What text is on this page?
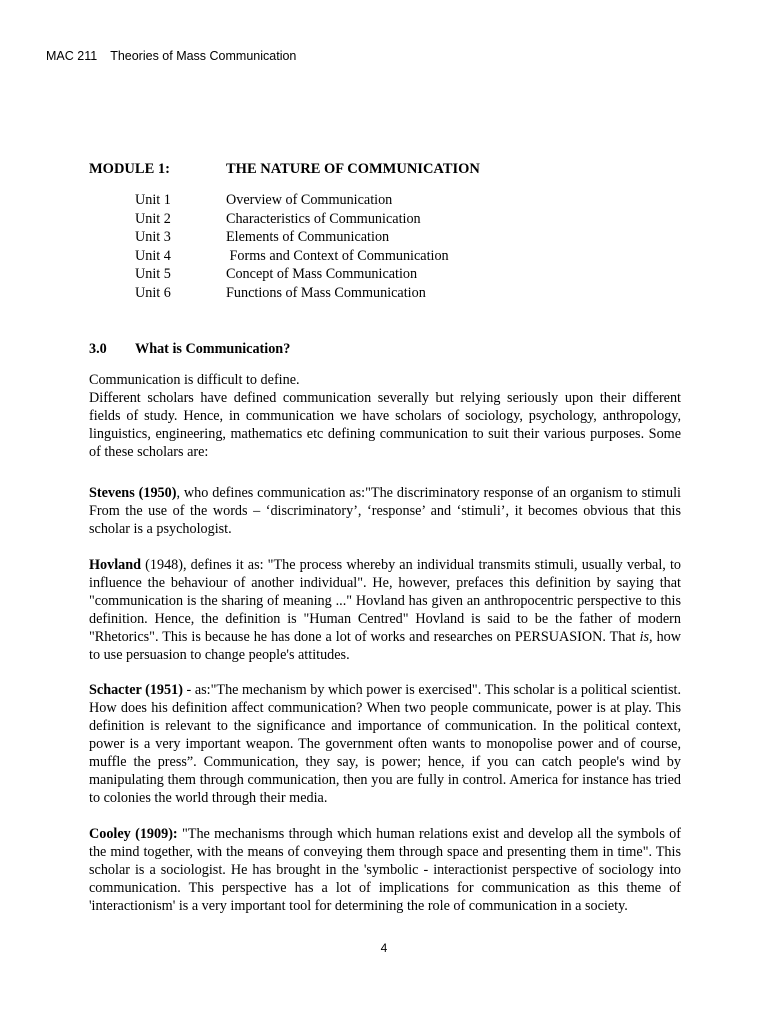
MAC 211 Theories of Mass Communication
MODULE 1:	THE NATURE OF COMMUNICATION
Unit 1	Overview of Communication
Unit 2	Characteristics of Communication
Unit 3	Elements of Communication
Unit 4	Forms and Context of Communication
Unit 5	Concept of Mass Communication
Unit 6	Functions of Mass Communication
3.0 What is Communication?

Communication is difficult to define.

Different scholars have defined communication severally but relying seriously upon their different fields of study. Hence, in communication we have scholars of sociology, psychology, anthropology, linguistics, engineering, mathematics etc defining communication to suit their various purposes. Some of these scholars are:

Stevens (1950), who defines communication as:"The discriminatory response of an organism to stimuli From the use of the words – ‘discriminatory’, ‘response’ and ‘stimuli’, it becomes obvious that this scholar is a psychologist.

Hovland (1948), defines it as: "The process whereby an individual transmits stimuli, usually verbal, to influence the behaviour of another individual". He, however, prefaces this definition by saying that "communication is the sharing of meaning ..." Hovland has given an anthropocentric perspective to this definition. Hence, the definition is "Human Centred" Hovland is said to be the father of modern "Rhetorics". This is because he has done a lot of works and researches on PERSUASION. That is, how to use persuasion to change people's attitudes.

Schacter (1951) - as:"The mechanism by which power is exercised". This scholar is a political scientist. How does his definition affect communication? When two people communicate, power is at play. This definition is relevant to the significance and importance of communication. In the political context, power is a very important weapon. The government often wants to monopolise power and of course, muffle the press”. Communication, they say, is power; hence, if you can catch people's wind by manipulating them through communication, then you are fully in control. America for instance has tried to colonies the world through their media.

Cooley (1909): "The mechanisms through which human relations exist and develop all the symbols of the mind together, with the means of conveying them through space and presenting them in time". This scholar is a sociologist. He has brought in the 'symbolic - interactionist perspective of sociology into communication. This perspective has a lot of implications for communication as this theme of 'interactionism' is a very important tool for determining the role of communication in a society.

4
